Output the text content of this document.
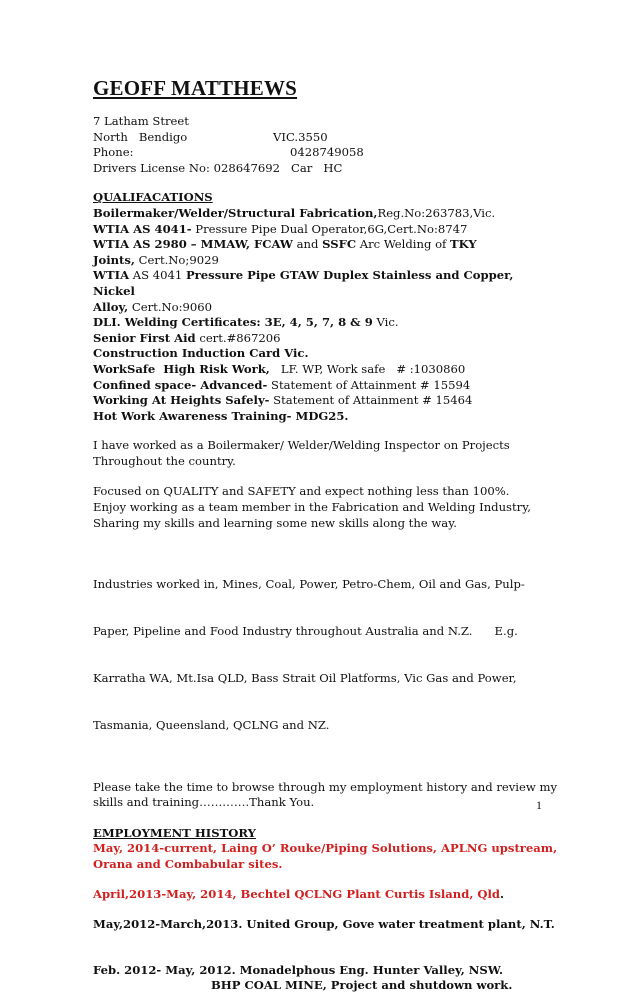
GEOFF MATTHEWS
7 Latham Street
North   Bendigo	VIC.3550
Phone:	0428749058
Drivers License No: 028647692   Car   HC
QUALIFACATIONS
Boilermaker/Welder/Structural Fabrication,Reg.No:263783,Vic.
WTIA AS 4041- Pressure Pipe Dual Operator,6G,Cert.No:8747
WTIA AS 2980 – MMAW, FCAW and SSFC Arc Welding of TKY
Joints, Cert.No;9029
WTIA AS 4041 Pressure Pipe GTAW Duplex Stainless and Copper, Nickel
Alloy, Cert.No:9060
DLI. Welding Certificates: 3E, 4, 5, 7, 8 & 9 Vic.
Senior First Aid cert.#867206
Construction Induction Card Vic.
WorkSafe  High Risk Work,   LF. WP, Work safe   # :1030860
Confined space- Advanced- Statement of Attainment # 15594
Working At Heights Safely- Statement of Attainment # 15464
Hot Work Awareness Training- MDG25.
I have worked as a Boilermaker/ Welder/Welding Inspector on Projects
Throughout the country.
Focused on QUALITY and SAFETY and expect nothing less than 100%.
Enjoy working as a team member in the Fabrication and Welding Industry,
Sharing my skills and learning some new skills along the way.

Industries worked in, Mines, Coal, Power, Petro-Chem, Oil and Gas, Pulp-

Paper, Pipeline and Food Industry throughout Australia and N.Z.      E.g.

Karratha WA, Mt.Isa QLD, Bass Strait Oil Platforms, Vic Gas and Power,

Tasmania, Queensland, QCLNG and NZ.

Please take the time to browse through my employment history and review my
skills and training………….Thank You.
EMPLOYMENT HISTORY
May, 2014-current, Laing O’ Rouke/Piping Solutions, APLNG upstream,
Orana and Combabular sites.
April,2013-May, 2014, Bechtel QCLNG Plant Curtis Island, Qld.
May,2012-March,2013. United Group, Gove water treatment plant, N.T.
Feb. 2012- May, 2012. Monadelphous Eng. Hunter Valley, NSW.
BHP COAL MINE, Project and shutdown work.
1
